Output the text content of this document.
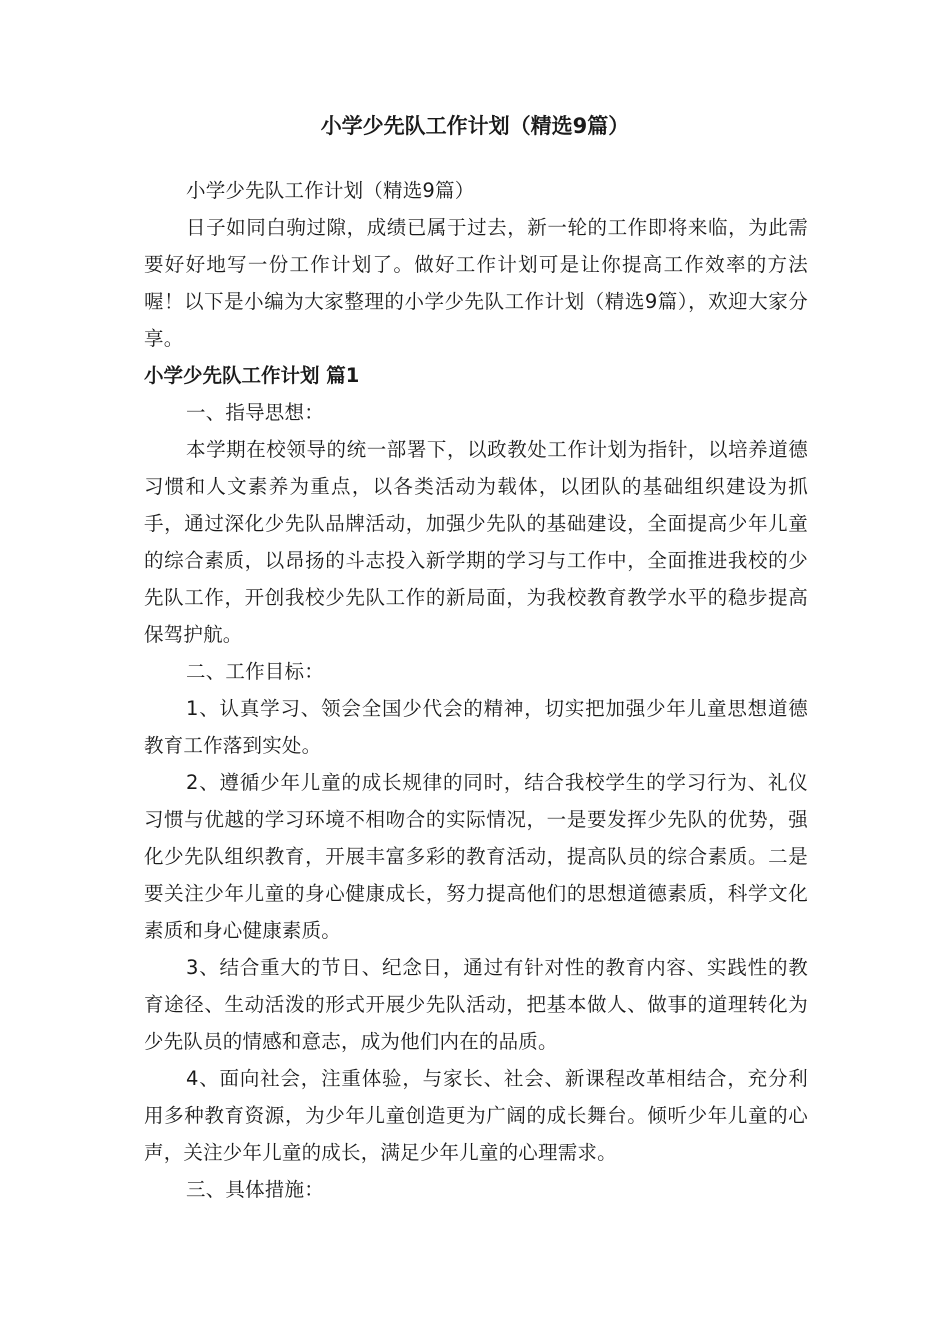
小学少先队工作计划（精选9篇）

小学少先队工作计划（精选9篇）

日子如同白驹过隙，成绩已属于过去，新一轮的工作即将来临，为此需要好好地写一份工作计划了。做好工作计划可是让你提高工作效率的方法喔！以下是小编为大家整理的小学少先队工作计划（精选9篇），欢迎大家分享。

小学少先队工作计划 篇1

一、指导思想：

本学期在校领导的统一部署下，以政教处工作计划为指针，以培养道德习惯和人文素养为重点，以各类活动为载体，以团队的基础组织建设为抓手，通过深化少先队品牌活动，加强少先队的基础建设，全面提高少年儿童的综合素质，以昂扬的斗志投入新学期的学习与工作中，全面推进我校的少先队工作，开创我校少先队工作的新局面，为我校教育教学水平的稳步提高保驾护航。

二、工作目标：

1、认真学习、领会全国少代会的精神，切实把加强少年儿童思想道德教育工作落到实处。

2、遵循少年儿童的成长规律的同时，结合我校学生的学习行为、礼仪习惯与优越的学习环境不相吻合的实际情况，一是要发挥少先队的优势，强化少先队组织教育，开展丰富多彩的教育活动，提高队员的综合素质。二是要关注少年儿童的身心健康成长，努力提高他们的思想道德素质，科学文化素质和身心健康素质。

3、结合重大的节日、纪念日，通过有针对性的教育内容、实践性的教育途径、生动活泼的形式开展少先队活动，把基本做人、做事的道理转化为少先队员的情感和意志，成为他们内在的品质。

4、面向社会，注重体验，与家长、社会、新课程改革相结合，充分利用多种教育资源，为少年儿童创造更为广阔的成长舞台。倾听少年儿童的心声，关注少年儿童的成长，满足少年儿童的心理需求。

三、具体措施：
